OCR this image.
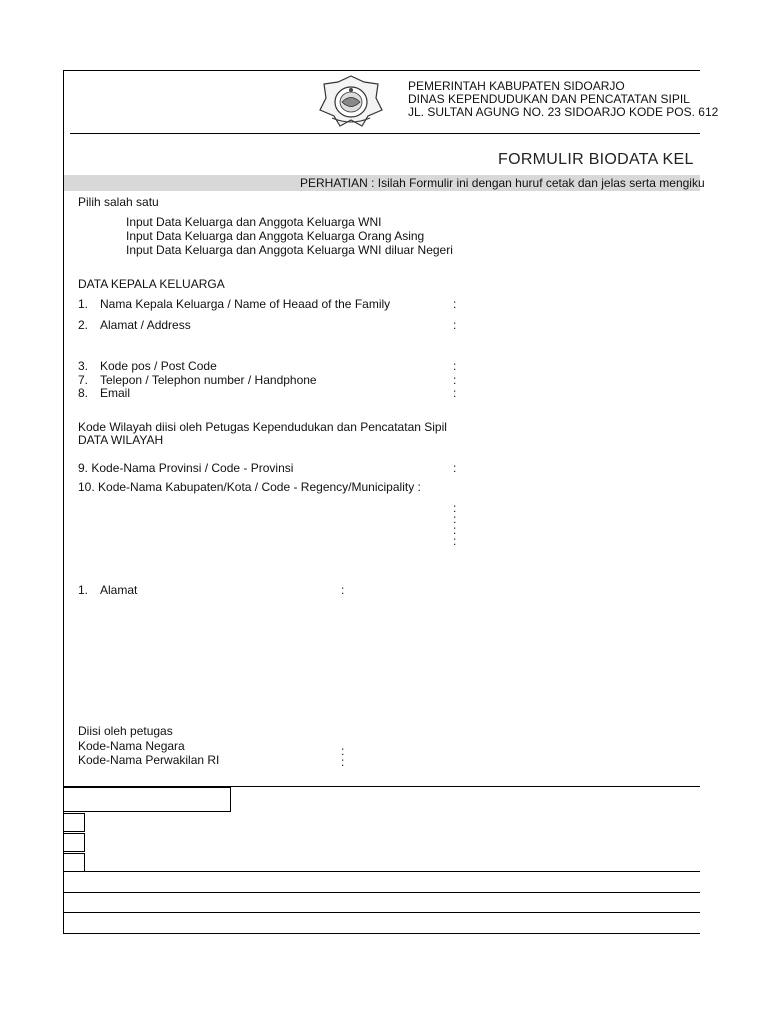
PEMERINTAH KABUPATEN SIDOARJO
DINAS KEPENDUDUKAN DAN PENCATATAN SIPIL
JL. SULTAN AGUNG NO. 23 SIDOARJO KODE POS. 612
FORMULIR BIODATA KEL
PERHATIAN : Isilah Formulir ini dengan huruf cetak dan jelas serta mengiku
Pilih salah satu
Input Data Keluarga dan Anggota Keluarga WNI
Input Data Keluarga dan Anggota Keluarga Orang Asing
Input Data Keluarga dan Anggota Keluarga WNI diluar Negeri
DATA KEPALA KELUARGA
1. Nama Kepala Keluarga / Name of Heaad of the Family	:
2. Alamat / Address	:
3. Kode pos / Post Code	:
7. Telepon / Telephon number / Handphone	:
8. Email	:
Kode Wilayah diisi oleh Petugas Kependudukan dan Pencatatan Sipil
DATA WILAYAH
9. Kode-Nama Provinsi / Code - Provinsi	:
10. Kode-Nama Kabupaten/Kota / Code - Regency/Municipality :
:
:
:
:
1. Alamat	:
Diisi oleh petugas
Kode-Nama Negara
Kode-Nama Perwakilan RI
:
:
